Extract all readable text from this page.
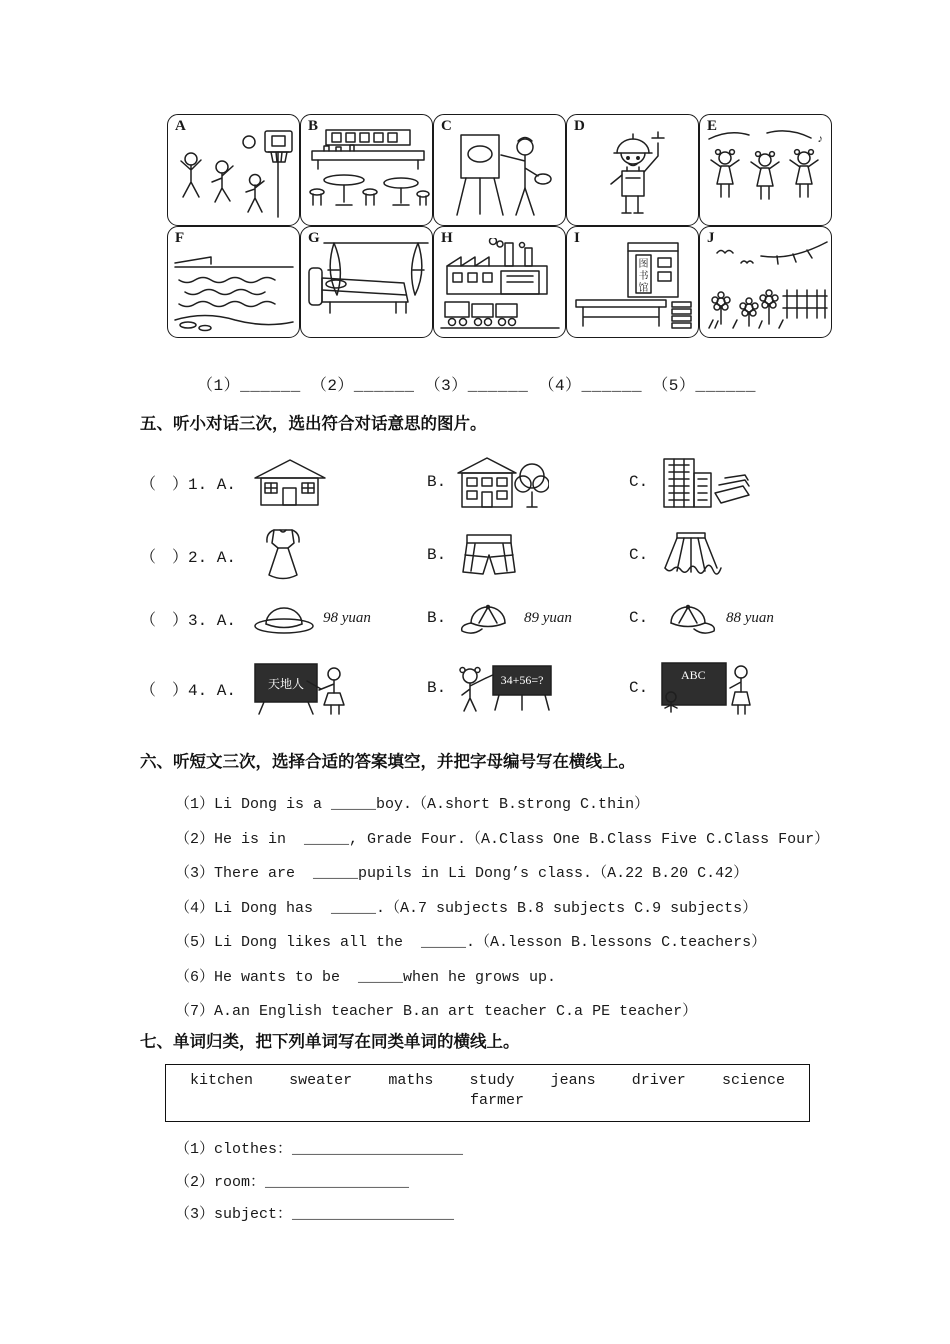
A	B	C	D	E
♪
F	G	H	I
图
书
馆
J
（1）______ （2）______ （3）______ （4）______ （5）______
五、听小对话三次，选出符合对话意思的图片。
（　）1. A.	B.	C.
（　）2. A.	B.	C.
（　）3. A.	98 yuan	B.	89 yuan	C.	88 yuan
（　）4. A.	天地人	B.	34+56=?	C.
ABC
六、听短文三次，选择合适的答案填空，并把字母编号写在横线上。

（1）Li Dong is a _____boy.（A.short B.strong C.thin）

（2）He is in  _____, Grade Four.（A.Class One B.Class Five C.Class Four）

（3）There are  _____pupils in Li Dong’s class.（A.22 B.20 C.42）

（4）Li Dong has  _____.（A.7 subjects B.8 subjects C.9 subjects）

（5）Li Dong likes all the  _____.（A.lesson B.lessons C.teachers）

（6）He wants to be  _____when he grows up.

（7）A.an English teacher B.an art teacher C.a PE teacher）

七、单词归类，把下列单词写在同类单词的横线上。
kitchen sweater maths study jeans driver science
farmer

（1）clothes：___________________

（2）room：________________

（3）subject：__________________
